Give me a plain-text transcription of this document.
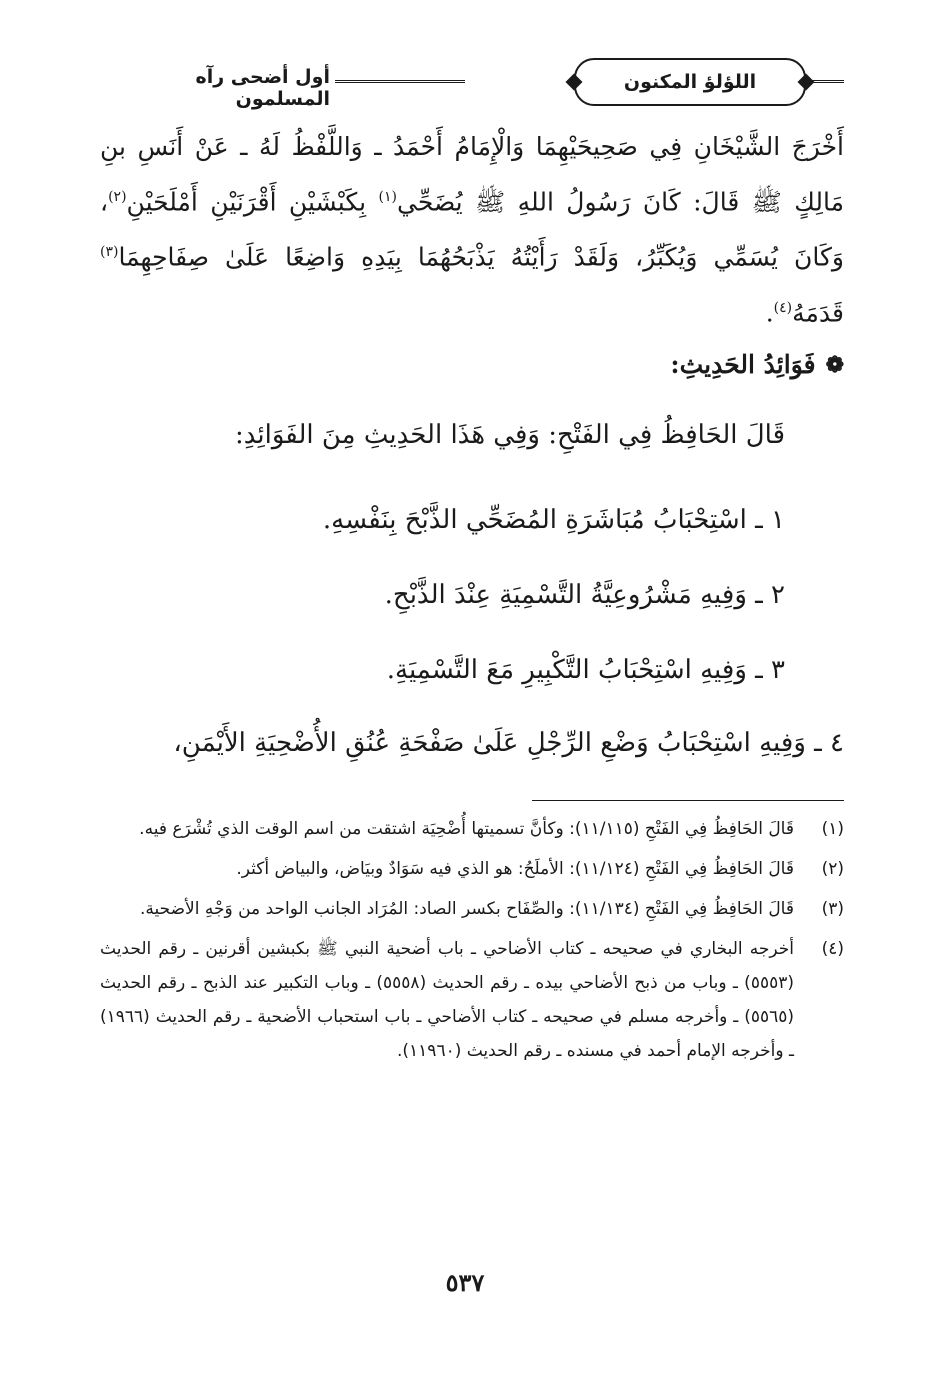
اللؤلؤ المكنون
أول أضحى رآه المسلمون
أَخْرَجَ الشَّيْخَانِ فِي صَحِيحَيْهِمَا وَالْإِمَامُ أَحْمَدُ ـ وَاللَّفْظُ لَهُ ـ عَنْ أَنَسِ بنِ مَالِكٍ ﷺ قَالَ: كَانَ رَسُولُ اللهِ ﷺ يُضَحِّي$^{(١)}$ بِكَبْشَيْنِ أَقْرَنَيْنِ أَمْلَحَيْنِ$^{(٢)}$، وَكَانَ يُسَمِّي وَيُكَبِّرُ، وَلَقَدْ رَأَيْتُهُ يَذْبَحُهُمَا بِيَدِهِ وَاضِعًا عَلَىٰ صِفَاحِهِمَا$^{(٣)}$ قَدَمَهُ$^{(٤)}$.
❁
فَوَائِدُ الحَدِيثِ:
قَالَ الحَافِظُ فِي الفَتْحِ: وَفِي هَذَا الحَدِيثِ مِنَ الفَوَائِدِ:
١ ـ اسْتِحْبَابُ مُبَاشَرَةِ المُضَحِّي الذَّبْحَ بِنَفْسِهِ.
٢ ـ وَفِيهِ مَشْرُوعِيَّةُ التَّسْمِيَةِ عِنْدَ الذَّبْحِ.
٣ ـ وَفِيهِ اسْتِحْبَابُ التَّكْبِيرِ مَعَ التَّسْمِيَةِ.
٤ ـ وَفِيهِ اسْتِحْبَابُ وَضْعِ الرِّجْلِ عَلَىٰ صَفْحَةِ عُنُقِ الأُضْحِيَةِ الأَيْمَنِ،
(١)
قَالَ الحَافِظُ فِي الفَتْحِ (١١/١١٥): وكأنَّ تسميتها أُضْحِيَة اشتقت من اسم الوقت الذي تُشْرَع فيه.
(٢)
قَالَ الحَافِظُ فِي الفَتْحِ (١١/١٢٤): الأملَحُ: هو الذي فيه سَوَادٌ وبيَاض، والبياض أكثر.
(٣)
قَالَ الحَافِظُ فِي الفَتْحِ (١١/١٣٤): والصِّفَاح بكسر الصاد: المُرَاد الجانب الواحد من وَجْهِ الأضحية.
(٤)
أخرجه البخاري في صحيحه ـ كتاب الأضاحي ـ باب أضحية النبي ﷺ بكبشين أقرنين ـ رقم الحديث (٥٥٥٣) ـ وباب من ذبح الأضاحي بيده ـ رقم الحديث (٥٥٥٨) ـ وباب التكبير عند الذبح ـ رقم الحديث (٥٥٦٥) ـ وأخرجه مسلم في صحيحه ـ كتاب الأضاحي ـ باب استحباب الأضحية ـ رقم الحديث (١٩٦٦) ـ وأخرجه الإمام أحمد في مسنده ـ رقم الحديث (١١٩٦٠).
٥٣٧
